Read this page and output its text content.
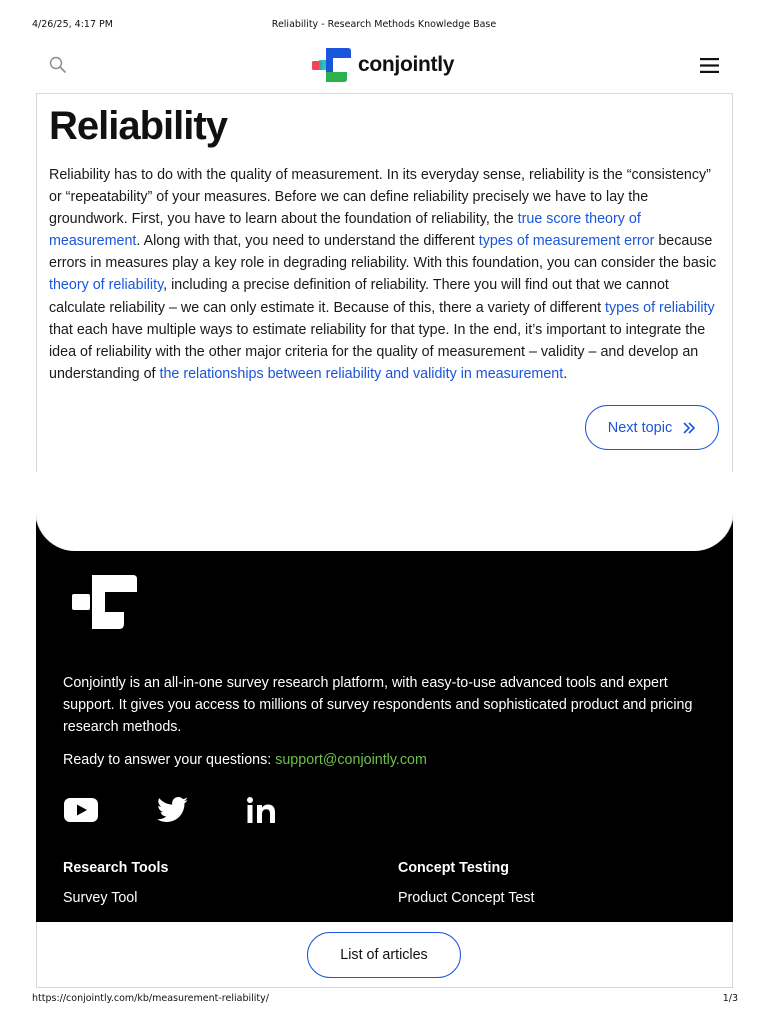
4/26/25, 4:17 PM	Reliability - Research Methods Knowledge Base
conjointly
Reliability

Reliability has to do with the quality of measurement. In its everyday sense, reliability is the “consistency” or “repeatability” of your measures. Before we can define reliability precisely we have to lay the groundwork. First, you have to learn about the foundation of reliability, the true score theory of measurement. Along with that, you need to understand the different types of measurement error because errors in measures play a key role in degrading reliability. With this foundation, you can consider the basic theory of reliability, including a precise definition of reliability. There you will find out that we cannot calculate reliability – we can only estimate it. Because of this, there a variety of different types of reliability that each have multiple ways to estimate reliability for that type. In the end, it’s important to integrate the idea of reliability with the other major criteria for the quality of measurement – validity – and develop an understanding of the relationships between reliability and validity in measurement.

Next topic

Conjointly is an all-in-one survey research platform, with easy-to-use advanced tools and expert support. It gives you access to millions of survey respondents and sophisticated product and pricing research methods.

Ready to answer your questions: support@conjointly.com
Research Tools
Survey Tool
Concept Testing
Product Concept Test
List of articles
https://conjointly.com/kb/measurement-reliability/	1/3
